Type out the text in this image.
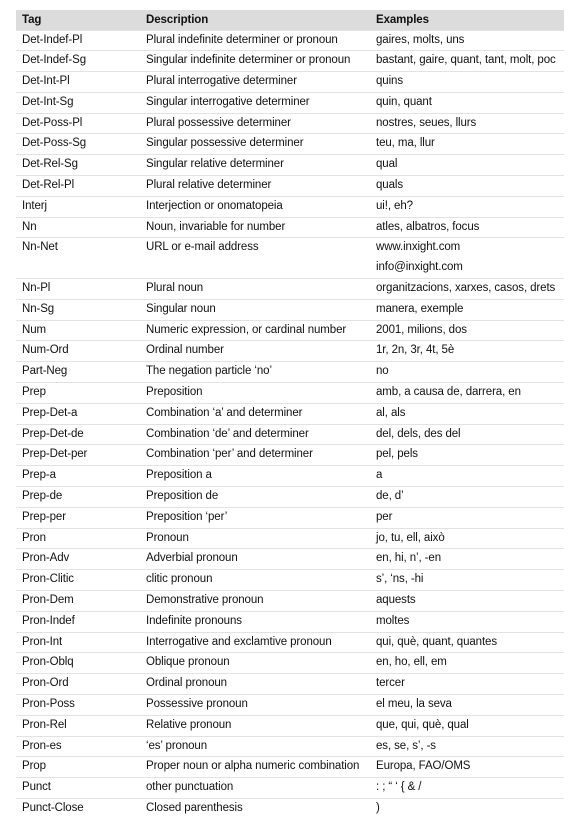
Tag	Description	Examples
Det-Indef-Pl	Plural indefinite determiner or pronoun	gaires, molts, uns
Det-Indef-Sg	Singular indefinite determiner or pronoun	bastant, gaire, quant, tant, molt, poc
Det-Int-Pl	Plural interrogative determiner	quins
Det-Int-Sg	Singular interrogative determiner	quin, quant
Det-Poss-Pl	Plural possessive determiner	nostres, seues, llurs
Det-Poss-Sg	Singular possessive determiner	teu, ma, llur
Det-Rel-Sg	Singular relative determiner	qual
Det-Rel-Pl	Plural relative determiner	quals
Interj	Interjection or onomatopeia	ui!, eh?
Nn	Noun, invariable for number	atles, albatros, focus
Nn-Net	URL or e-mail address	www.inxight.com
info@inxight.com

Nn-Pl	Plural noun	organitzacions, xarxes, casos, drets
Nn-Sg	Singular noun	manera, exemple
Num	Numeric expression, or cardinal number	2001, milions, dos
Num-Ord	Ordinal number	1r, 2n, 3r, 4t, 5è
Part-Neg	The negation particle ‘no’	no
Prep	Preposition	amb, a causa de, darrera, en
Prep-Det-a	Combination ‘a’ and determiner	al, als
Prep-Det-de	Combination ‘de’ and determiner	del, dels, des del
Prep-Det-per	Combination ‘per’ and determiner	pel, pels
Prep-a	Preposition a	a
Prep-de	Preposition de	de, d’
Prep-per	Preposition ‘per’	per
Pron	Pronoun	jo, tu, ell, això
Pron-Adv	Adverbial pronoun	en, hi, n’, -en
Pron-Clitic	clitic pronoun	s’, ‘ns, -hi
Pron-Dem	Demonstrative pronoun	aquests
Pron-Indef	Indefinite pronouns	moltes
Pron-Int	Interrogative and exclamtive pronoun	qui, què, quant, quantes
Pron-Oblq	Oblique pronoun	en, ho, ell, em
Pron-Ord	Ordinal pronoun	tercer
Pron-Poss	Possessive pronoun	el meu, la seva
Pron-Rel	Relative pronoun	que, qui, què, qual
Pron-es	‘es’ pronoun	es, se, s’, -s
Prop	Proper noun or alpha numeric combination	Europa, FAO/OMS
Punct	other punctuation	: ; “ ‘ { & /
Punct-Close	Closed parenthesis	)
